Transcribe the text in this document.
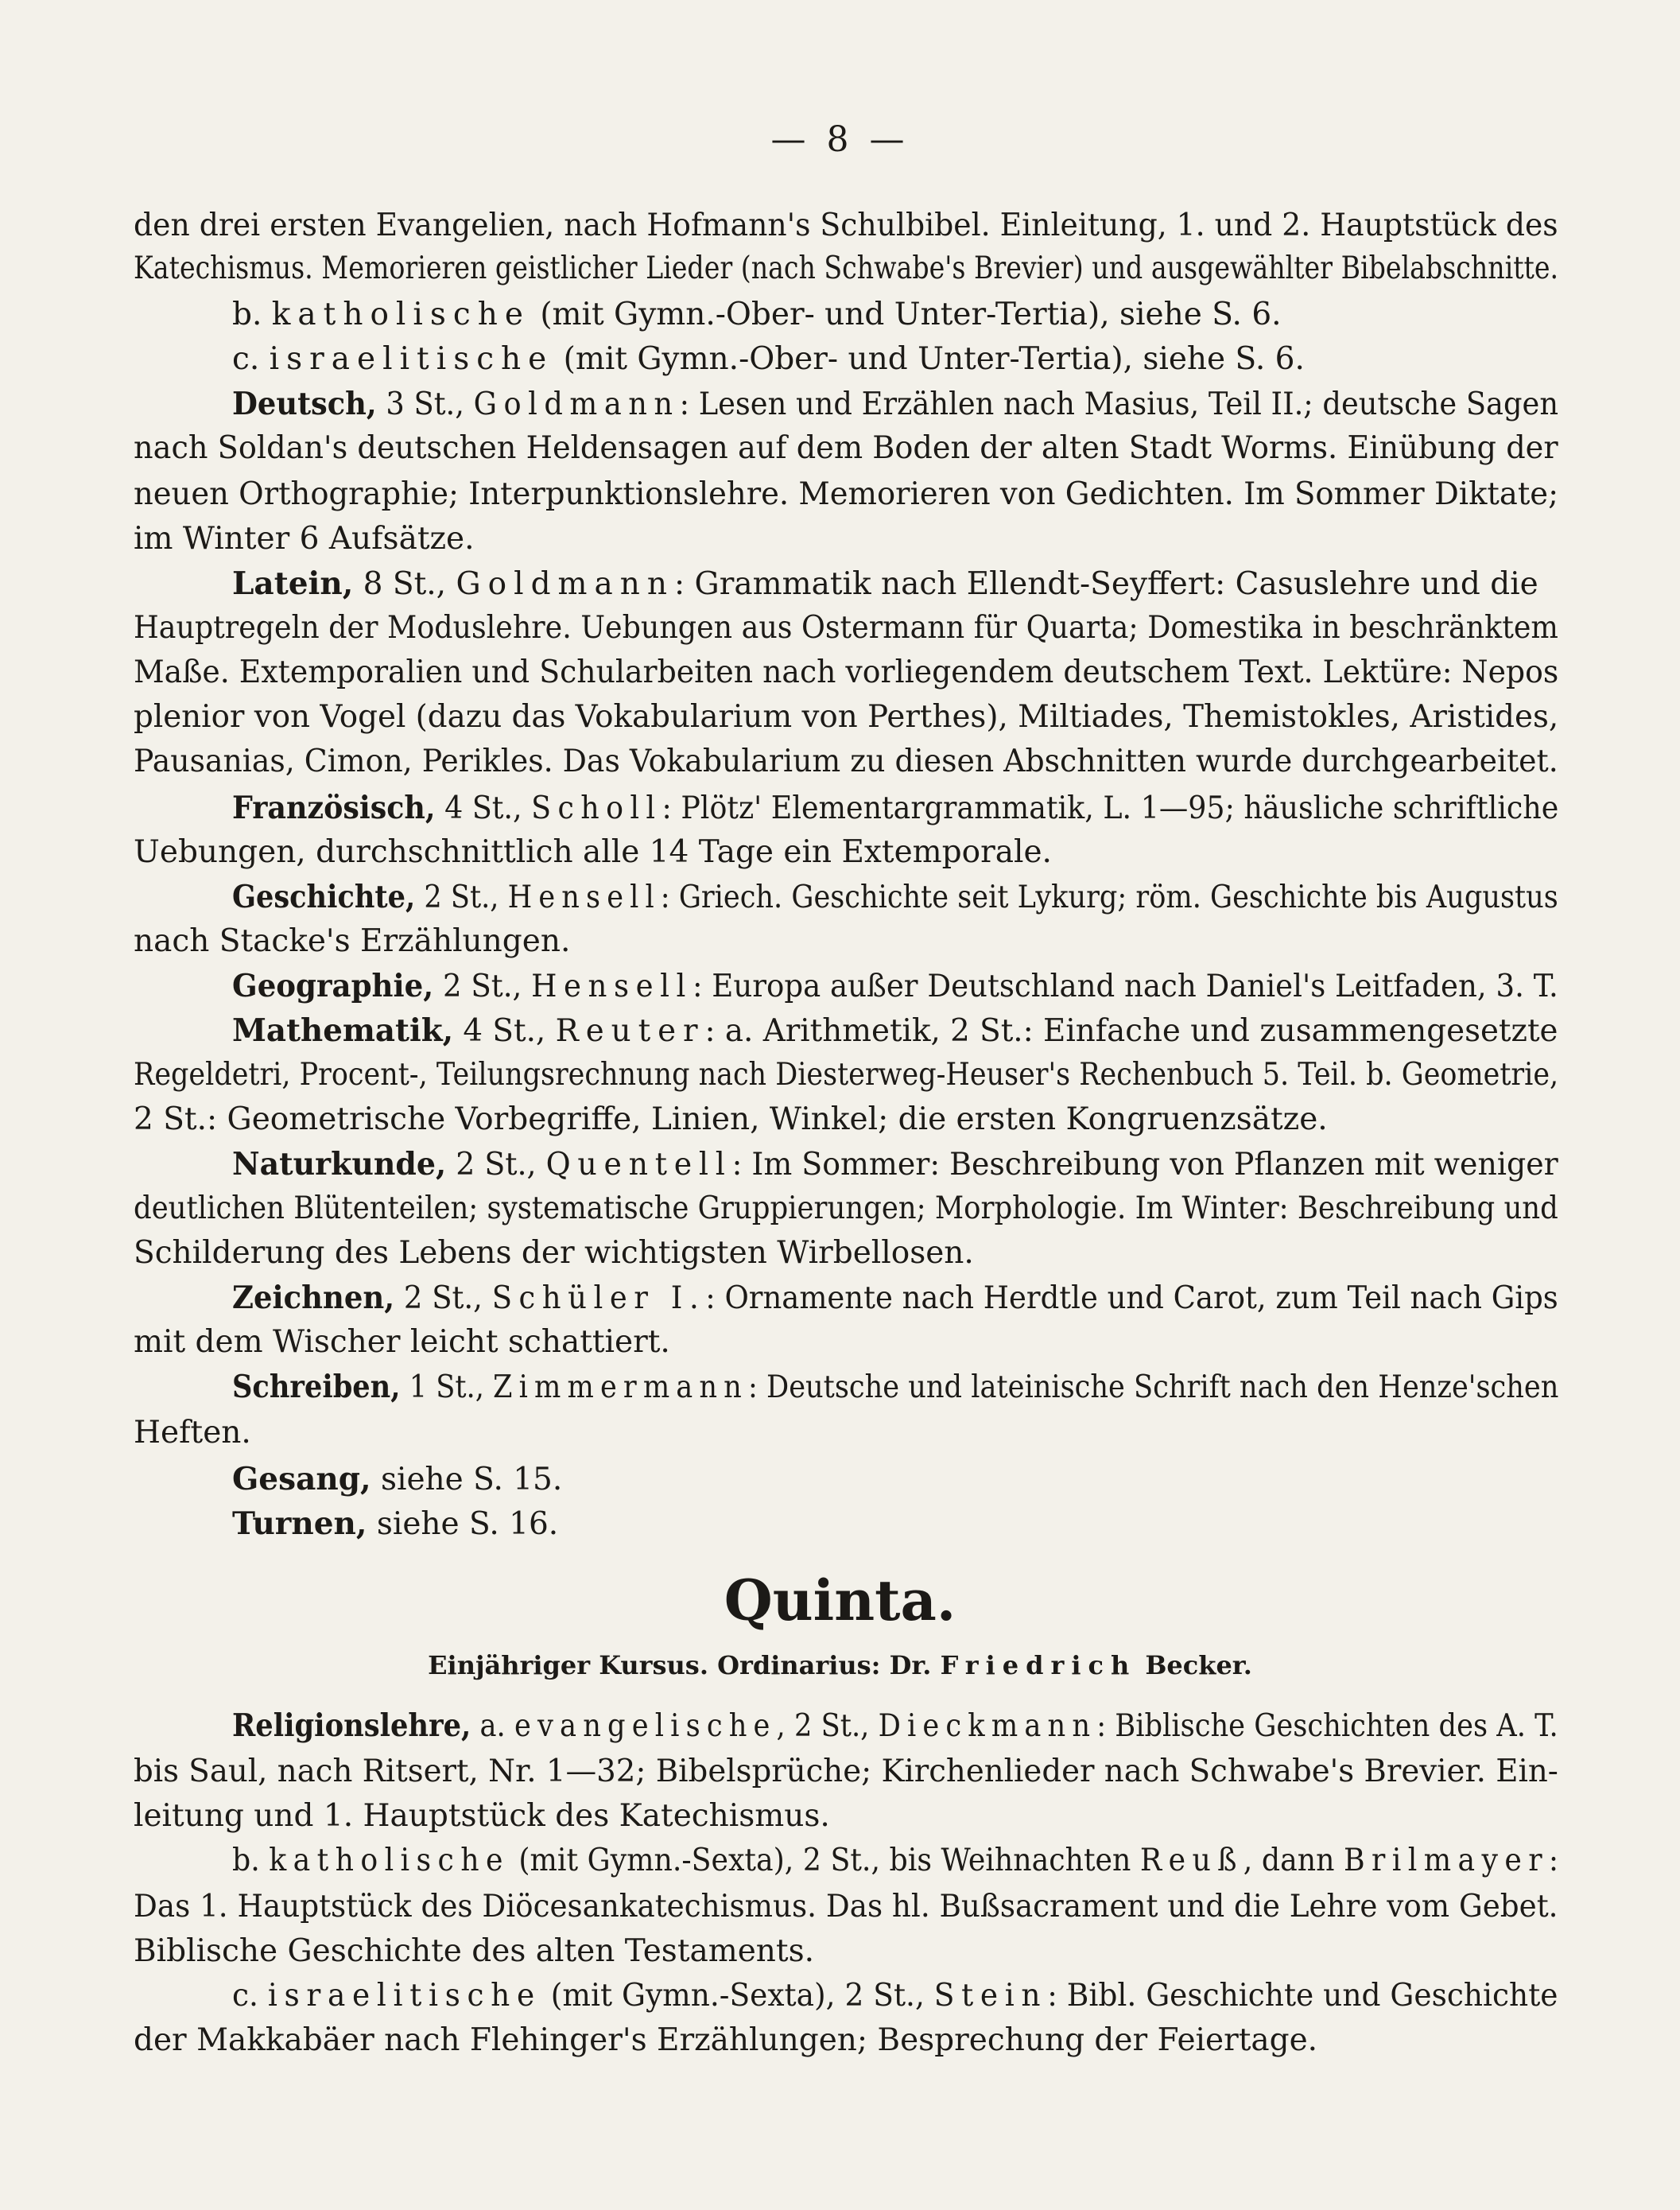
— 8 —
den drei ersten Evangelien, nach Hofmann's Schulbibel. Einleitung, 1. und 2. Hauptstück des
Katechismus. Memorieren geistlicher Lieder (nach Schwabe's Brevier) und ausgewählter Bibelabschnitte.
b. katholische (mit Gymn.-Ober- und Unter-Tertia), siehe S. 6.
c. israelitische (mit Gymn.-Ober- und Unter-Tertia), siehe S. 6.
Deutsch, 3 St., Goldmann: Lesen und Erzählen nach Masius, Teil II.; deutsche Sagen
nach Soldan's deutschen Heldensagen auf dem Boden der alten Stadt Worms. Einübung der
neuen Orthographie; Interpunktionslehre. Memorieren von Gedichten. Im Sommer Diktate;
im Winter 6 Aufsätze.
Latein, 8 St., Goldmann: Grammatik nach Ellendt-Seyffert: Casuslehre und die
Hauptregeln der Moduslehre. Uebungen aus Ostermann für Quarta; Domestika in beschränktem
Maße. Extemporalien und Schularbeiten nach vorliegendem deutschem Text. Lektüre: Nepos
plenior von Vogel (dazu das Vokabularium von Perthes), Miltiades, Themistokles, Aristides,
Pausanias, Cimon, Perikles. Das Vokabularium zu diesen Abschnitten wurde durchgearbeitet.
Französisch, 4 St., Scholl: Plötz' Elementargrammatik, L. 1—95; häusliche schriftliche
Uebungen, durchschnittlich alle 14 Tage ein Extemporale.
Geschichte, 2 St., Hensell: Griech. Geschichte seit Lykurg; röm. Geschichte bis Augustus
nach Stacke's Erzählungen.
Geographie, 2 St., Hensell: Europa außer Deutschland nach Daniel's Leitfaden, 3. T.
Mathematik, 4 St., Reuter: a. Arithmetik, 2 St.: Einfache und zusammengesetzte
Regeldetri, Procent-, Teilungsrechnung nach Diesterweg-Heuser's Rechenbuch 5. Teil. b. Geometrie,
2 St.: Geometrische Vorbegriffe, Linien, Winkel; die ersten Kongruenzsätze.
Naturkunde, 2 St., Quentell: Im Sommer: Beschreibung von Pflanzen mit weniger
deutlichen Blütenteilen; systematische Gruppierungen; Morphologie. Im Winter: Beschreibung und
Schilderung des Lebens der wichtigsten Wirbellosen.
Zeichnen, 2 St., Schüler I.: Ornamente nach Herdtle und Carot, zum Teil nach Gips
mit dem Wischer leicht schattiert.
Schreiben, 1 St., Zimmermann: Deutsche und lateinische Schrift nach den Henze'schen
Heften.
Gesang, siehe S. 15.
Turnen, siehe S. 16.
Quinta.
Einjähriger Kursus. Ordinarius: Dr. Friedrich Becker.
Religionslehre, a. evangelische, 2 St., Dieckmann: Biblische Geschichten des A. T.
bis Saul, nach Ritsert, Nr. 1—32; Bibelsprüche; Kirchenlieder nach Schwabe's Brevier. Ein-
leitung und 1. Hauptstück des Katechismus.
b. katholische (mit Gymn.-Sexta), 2 St., bis Weihnachten Reuß, dann Brilmayer:
Das 1. Hauptstück des Diöcesankatechismus. Das hl. Bußsacrament und die Lehre vom Gebet.
Biblische Geschichte des alten Testaments.
c. israelitische (mit Gymn.-Sexta), 2 St., Stein: Bibl. Geschichte und Geschichte
der Makkabäer nach Flehinger's Erzählungen; Besprechung der Feiertage.
